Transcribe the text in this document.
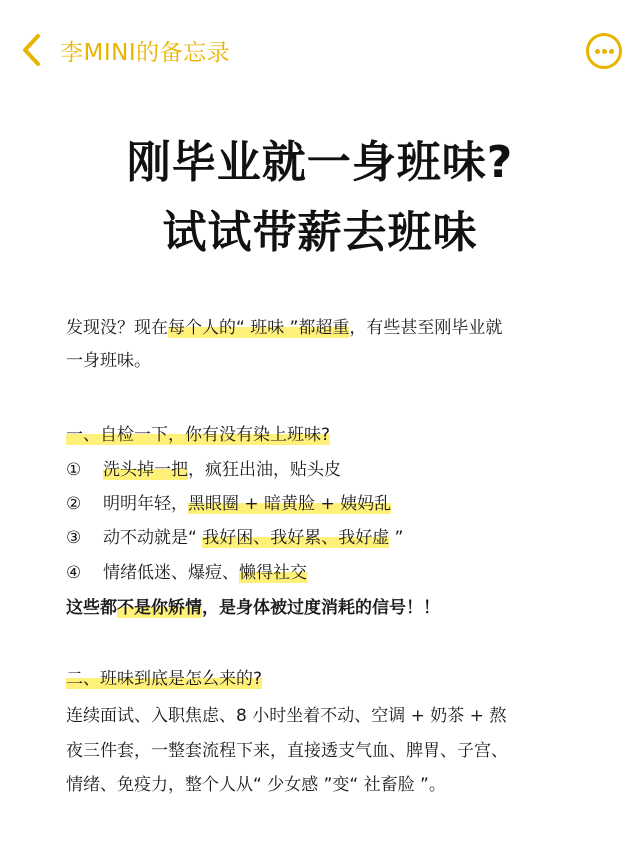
李MINI的备忘录
刚毕业就一身班味?
试试带薪去班味
发现没？现在每个人的“ 班味 ”都超重，有些甚至刚毕业就
一身班味。
一、自检一下，你有没有染上班味?
① 洗头掉一把，疯狂出油，贴头皮
② 明明年轻，黑眼圈 + 暗黄脸 + 姨妈乱
③ 动不动就是“ 我好困、我好累、我好虚 ”
④ 情绪低迷、爆痘、懒得社交
这些都不是你矫情，是身体被过度消耗的信号！！
二、班味到底是怎么来的?
连续面试、入职焦虑、8 小时坐着不动、空调 + 奶茶 + 熬
夜三件套，一整套流程下来，直接透支气血、脾胃、子宫、
情绪、免疫力，整个人从“ 少女感 ”变“ 社畜脸 ”。
